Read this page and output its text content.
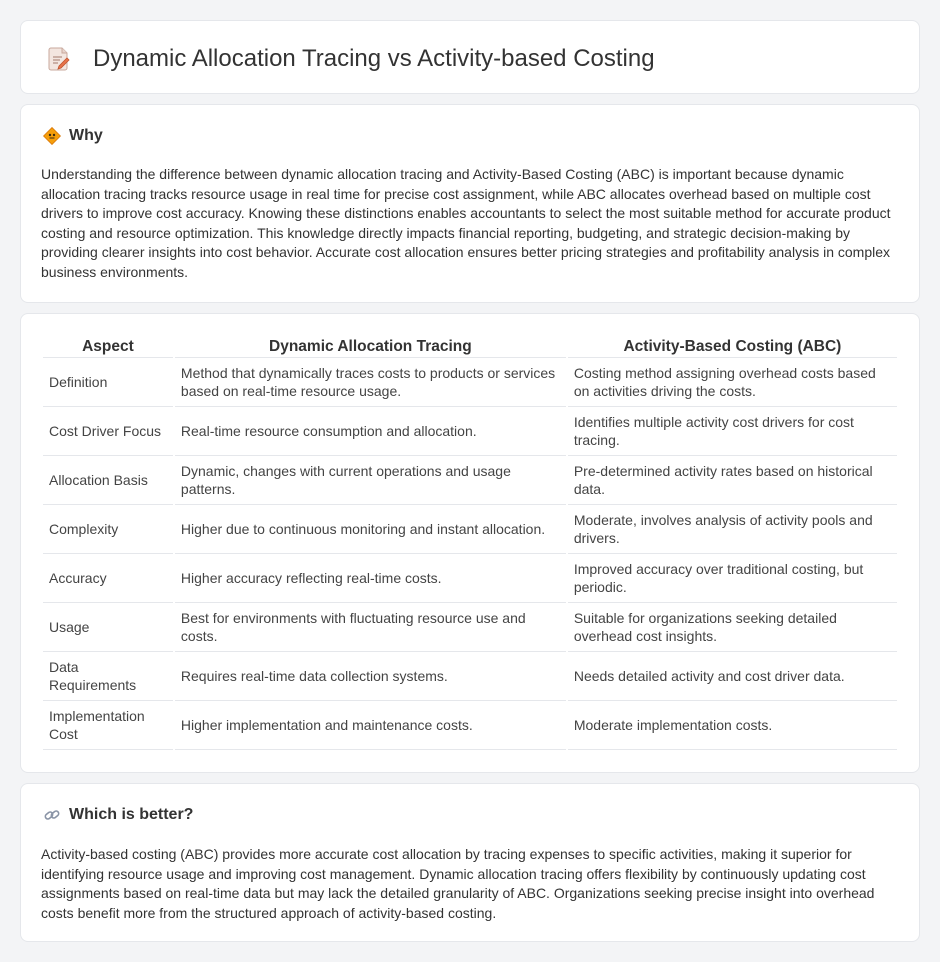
Dynamic Allocation Tracing vs Activity-based Costing
Why

Understanding the difference between dynamic allocation tracing and Activity-Based Costing (ABC) is important because dynamic allocation tracing tracks resource usage in real time for precise cost assignment, while ABC allocates overhead based on multiple cost drivers to improve cost accuracy. Knowing these distinctions enables accountants to select the most suitable method for accurate product costing and resource optimization. This knowledge directly impacts financial reporting, budgeting, and strategic decision-making by providing clearer insights into cost behavior. Accurate cost allocation ensures better pricing strategies and profitability analysis in complex business environments.

Aspect	Dynamic Allocation Tracing	Activity-Based Costing (ABC)
Definition	Method that dynamically traces costs to products or services based on real-time resource usage.	Costing method assigning overhead costs based on activities driving the costs.
Cost Driver Focus	Real-time resource consumption and allocation.	Identifies multiple activity cost drivers for cost tracing.
Allocation Basis	Dynamic, changes with current operations and usage patterns.	Pre-determined activity rates based on historical data.
Complexity	Higher due to continuous monitoring and instant allocation.	Moderate, involves analysis of activity pools and drivers.
Accuracy	Higher accuracy reflecting real-time costs.	Improved accuracy over traditional costing, but periodic.
Usage	Best for environments with fluctuating resource use and costs.	Suitable for organizations seeking detailed overhead cost insights.
Data Requirements	Requires real-time data collection systems.	Needs detailed activity and cost driver data.
Implementation Cost	Higher implementation and maintenance costs.	Moderate implementation costs.
Which is better?

Activity-based costing (ABC) provides more accurate cost allocation by tracing expenses to specific activities, making it superior for identifying resource usage and improving cost management. Dynamic allocation tracing offers flexibility by continuously updating cost assignments based on real-time data but may lack the detailed granularity of ABC. Organizations seeking precise insight into overhead costs benefit more from the structured approach of activity-based costing.
